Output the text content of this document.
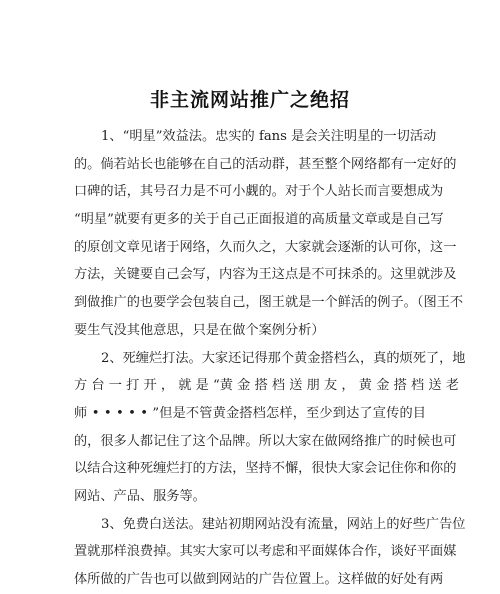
非主流网站推广之绝招
1、“明星”效益法。忠实的 fans 是会关注明星的一切活动
的。倘若站长也能够在自己的活动群，甚至整个网络都有一定好的
口碑的话，其号召力是不可小觑的。对于个人站长而言要想成为
“明星”就要有更多的关于自己正面报道的高质量文章或是自己写
的原创文章见诸于网络，久而久之，大家就会逐渐的认可你，这一
方法，关键要自己会写，内容为王这点是不可抹杀的。这里就涉及
到做推广的也要学会包装自己，图王就是一个鲜活的例子。（图王不
要生气没其他意思，只是在做个案例分析）
2、死缠烂打法。大家还记得那个黄金搭档么，真的烦死了，地
方 台 一 打 开 ， 就 是 “黄 金 搭 档 送 朋 友 ， 黄 金 搭 档 送 老
师 • • • • • ”但是不管黄金搭档怎样，至少到达了宣传的目
的，很多人都记住了这个品牌。所以大家在做网络推广的时候也可
以结合这种死缠烂打的方法，坚持不懈，很快大家会记住你和你的
网站、产品、服务等。
3、免费白送法。建站初期网站没有流量，网站上的好些广告位
置就那样浪费掉。其实大家可以考虑和平面媒体合作，谈好平面媒
体所做的广告也可以做到网站的广告位置上。这样做的好处有两
